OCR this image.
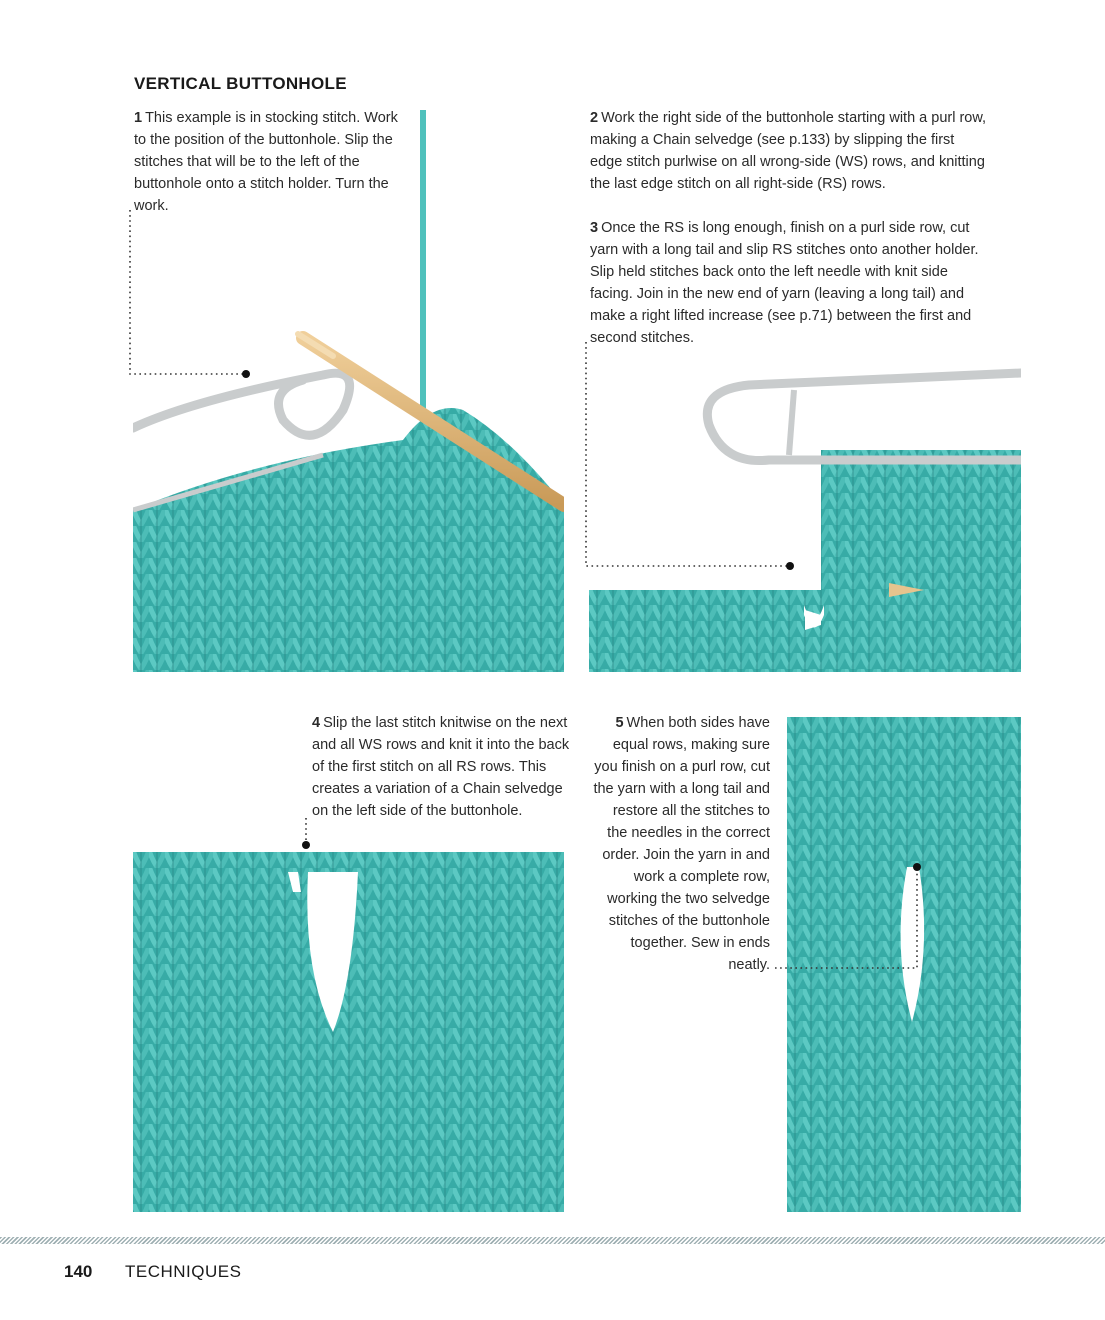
VERTICAL BUTTONHOLE
1 This example is in stocking stitch. Work to the position of the buttonhole. Slip the stitches that will be to the left of the buttonhole onto a stitch holder. Turn the work.
2 Work the right side of the buttonhole starting with a purl row, making a Chain selvedge (see p.133) by slipping the first edge stitch purlwise on all wrong-side (WS) rows, and knitting the last edge stitch on all right-side (RS) rows.
3 Once the RS is long enough, finish on a purl side row, cut yarn with a long tail and slip RS stitches onto another holder. Slip held stitches back onto the left needle with knit side facing. Join in the new end of yarn (leaving a long tail) and make a right lifted increase (see p.71) between the first and second stitches.
4 Slip the last stitch knitwise on the next and all WS rows and knit it into the back of the first stitch on all RS rows. This creates a variation of a Chain selvedge on the left side of the buttonhole.
5 When both sides have equal rows, making sure you finish on a purl row, cut the yarn with a long tail and restore all the stitches to the needles in the correct order. Join the yarn in and work a complete row, working the two selvedge stitches of the buttonhole together. Sew in ends neatly.
140 TECHNIQUES
